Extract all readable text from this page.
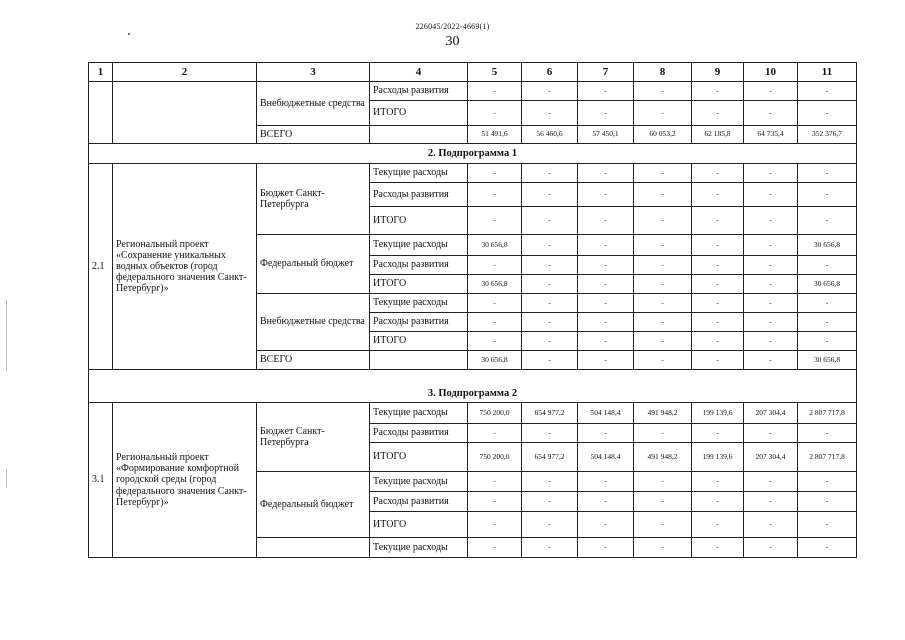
226045/2022-4669(1)
30
1	2	3	4	5	6	7	8	9	10	11
		Внебюджетные средства	Расходы развития	-	-	-	-	-	-	-
			ИТОГО	-	-	-	-	-	-	-
		ВСЕГО		51 491,6	56 460,6	57 450,1	60 053,2	62 185,8	64 735,4	352 376,7
2. Подпрограмма 1										
2.1	Региональный проект «Сохранение уникальных водных объектов (город федерального значения Санкт-Петербург)»	Бюджет Санкт-Петербурга	Текущие расходы	-	-	-	-	-	-	-
			Расходы развития	-	-	-	-	-	-	-
			ИТОГО	-	-	-	-	-	-	-
		Федеральный бюджет	Текущие расходы	30 656,8	-	-	-	-	-	30 656,8
			Расходы развития	-	-	-	-	-	-	-
			ИТОГО	30 656,8	-	-	-	-	-	30 656,8
		Внебюджетные средства	Текущие расходы	-	-	-	-	-	-	-
			Расходы развития	-	-	-	-	-	-	-
			ИТОГО	-	-	-	-	-	-	-
		ВСЕГО		30 656,8	-	-	-	-	-	30 656,8
3. Подпрограмма 2										
3.1	Региональный проект «Формирование комфортной городской среды (город федерального значения Санкт-Петербург)»	Бюджет Санкт-Петербурга	Текущие расходы	750 200,0	654 977,2	504 148,4	491 948,2	199 139,6	207 304,4	2 807 717,8
			Расходы развития	-	-	-	-	-	-	-
			ИТОГО	750 200,0	654 977,2	504 148,4	491 948,2	199 139,6	207 304,4	2 807 717,8
		Федеральный бюджет	Текущие расходы	-	-	-	-	-	-	-
			Расходы развития	-	-	-	-	-	-	-
			ИТОГО	-	-	-	-	-	-	-
			Текущие расходы	-	-	-	-	-	-	-
